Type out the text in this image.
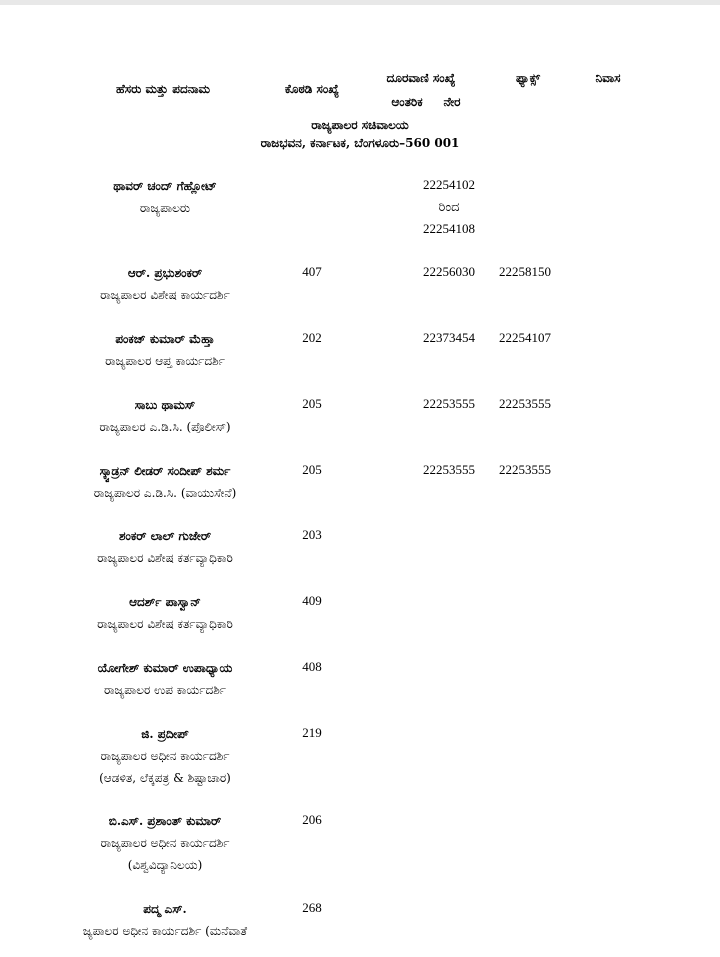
ಹೆಸರು ಮತ್ತು ಪದನಾಮ	ಕೊಠಡಿ ಸಂಖ್ಯೆ
ದೂರವಾಣಿ ಸಂಖ್ಯೆ
ಆಂತರಿಕ ನೇರ
ಫ್ಯಾಕ್ಸ್	ನಿವಾಸ
ರಾಜ್ಯಪಾಲರ ಸಚಿವಾಲಯ
ರಾಜಭವನ, ಕರ್ನಾಟಕ, ಬೆಂಗಳೂರು–560 001
ಥಾವರ್ ಚಂದ್ ಗೆಹ್ಲೋಟ್
ರಾಜ್ಯಪಾಲರು
22254102
ರಿಂದ
22254108
ಆರ್. ಪ್ರಭುಶಂಕರ್
ರಾಜ್ಯಪಾಲರ ವಿಶೇಷ ಕಾರ್ಯದರ್ಶಿ
407	22256030 22258150
ಪಂಕಜ್ ಕುಮಾರ್ ಮೆಹ್ತಾ
ರಾಜ್ಯಪಾಲರ ಆಪ್ತ ಕಾರ್ಯದರ್ಶಿ
202	22373454 22254107
ಸಾಬು ಥಾಮಸ್
ರಾಜ್ಯಪಾಲರ ಎ.ಡಿ.ಸಿ. (ಪೊಲೀಸ್)
205	22253555 22253555
ಸ್ಕ್ವಾಡ್ರನ್ ಲೀಡರ್ ಸಂದೀಪ್ ಶರ್ಮ
ರಾಜ್ಯಪಾಲರ ಎ.ಡಿ.ಸಿ. (ವಾಯುಸೇನೆ)
205	22253555 22253555
ಶಂಕರ್ ಲಾಲ್ ಗುಜೇರ್
ರಾಜ್ಯಪಾಲರ ವಿಶೇಷ ಕರ್ತವ್ಯಾಧಿಕಾರಿ
203
ಆದರ್ಶ್ ಪಾಸ್ವಾನ್
ರಾಜ್ಯಪಾಲರ ವಿಶೇಷ ಕರ್ತವ್ಯಾಧಿಕಾರಿ
409
ಯೋಗೇಶ್ ಕುಮಾರ್ ಉಪಾಧ್ಯಾಯ
ರಾಜ್ಯಪಾಲರ ಉಪ ಕಾರ್ಯದರ್ಶಿ
408
ಜಿ. ಪ್ರದೀಪ್
ರಾಜ್ಯಪಾಲರ ಅಧೀನ ಕಾರ್ಯದರ್ಶಿ
(ಆಡಳಿತ, ಲೆಕ್ಕಪತ್ರ & ಶಿಷ್ಟಾಚಾರ)
219
ಬಿ.ಎಸ್. ಪ್ರಶಾಂತ್ ಕುಮಾರ್
ರಾಜ್ಯಪಾಲರ ಅಧೀನ ಕಾರ್ಯದರ್ಶಿ
(ವಿಶ್ವವಿದ್ಯಾನಿಲಯ)
206
ಪದ್ಮ ಎಸ್.
ಜ್ಯಪಾಲರ ಅಧೀನ ಕಾರ್ಯದರ್ಶಿ (ಮನೆವಾತೆ
268
